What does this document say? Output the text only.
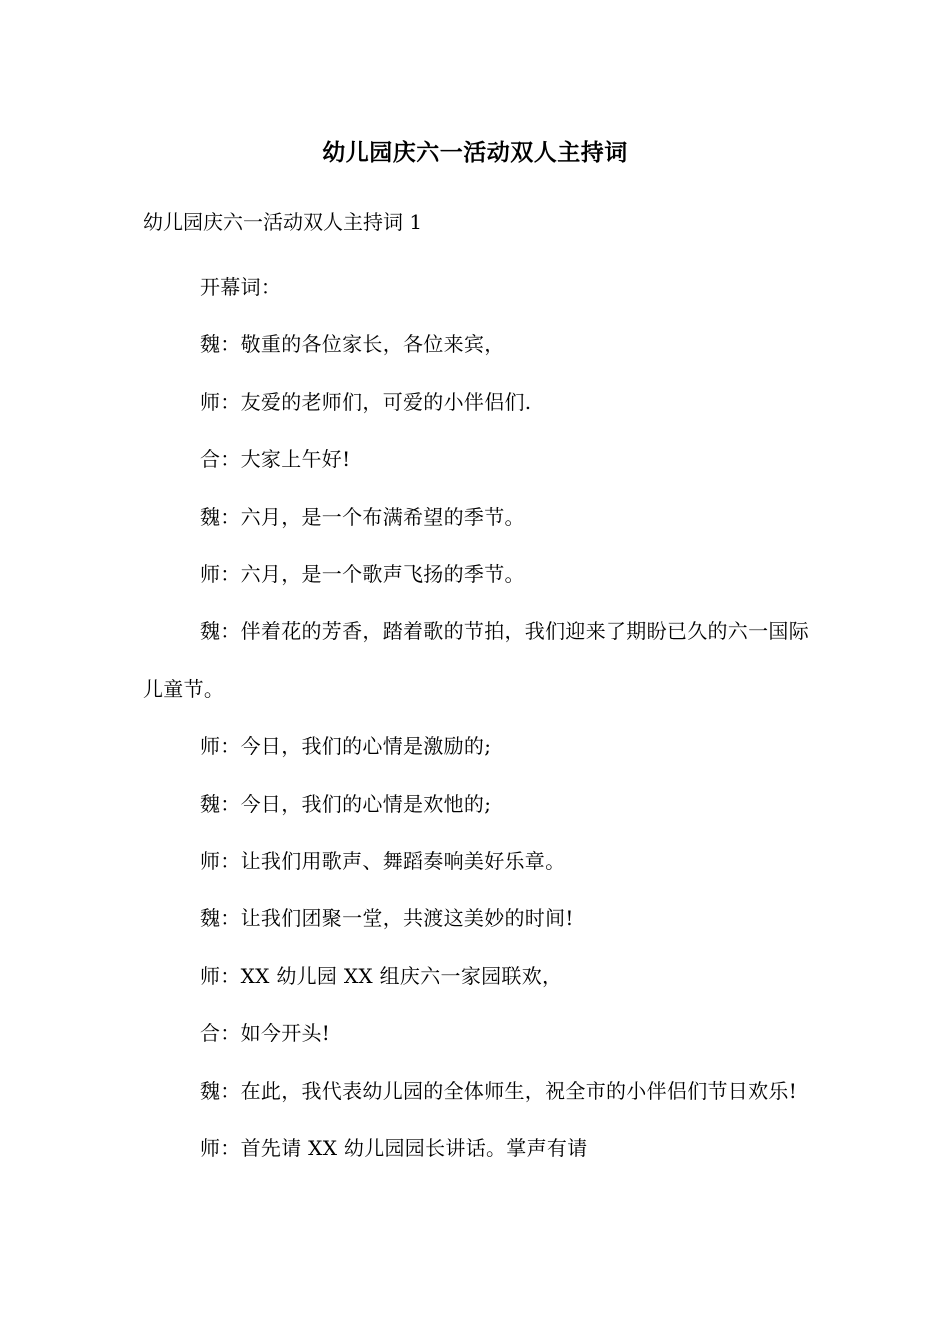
幼儿园庆六一活动双人主持词
幼儿园庆六一活动双人主持词 1

开幕词：

魏：敬重的各位家长，各位来宾，

师：友爱的老师们，可爱的小伴侣们.

合：大家上午好!

魏：六月，是一个布满希望的季节。

师：六月，是一个歌声飞扬的季节。

魏：伴着花的芳香，踏着歌的节拍，我们迎来了期盼已久的六一国际儿童节。

师：今日，我们的心情是激励的;

魏：今日，我们的心情是欢忚的;

师：让我们用歌声、舞蹈奏响美好乐章。

魏：让我们团聚一堂，共渡这美妙的时间!

师：XX 幼儿园 XX 组庆六一家园联欢，

合：如今开头!

魏：在此，我代表幼儿园的全体师生，祝全市的小伴侣们节日欢乐!

师：首先请 XX 幼儿园园长讲话。掌声有请
